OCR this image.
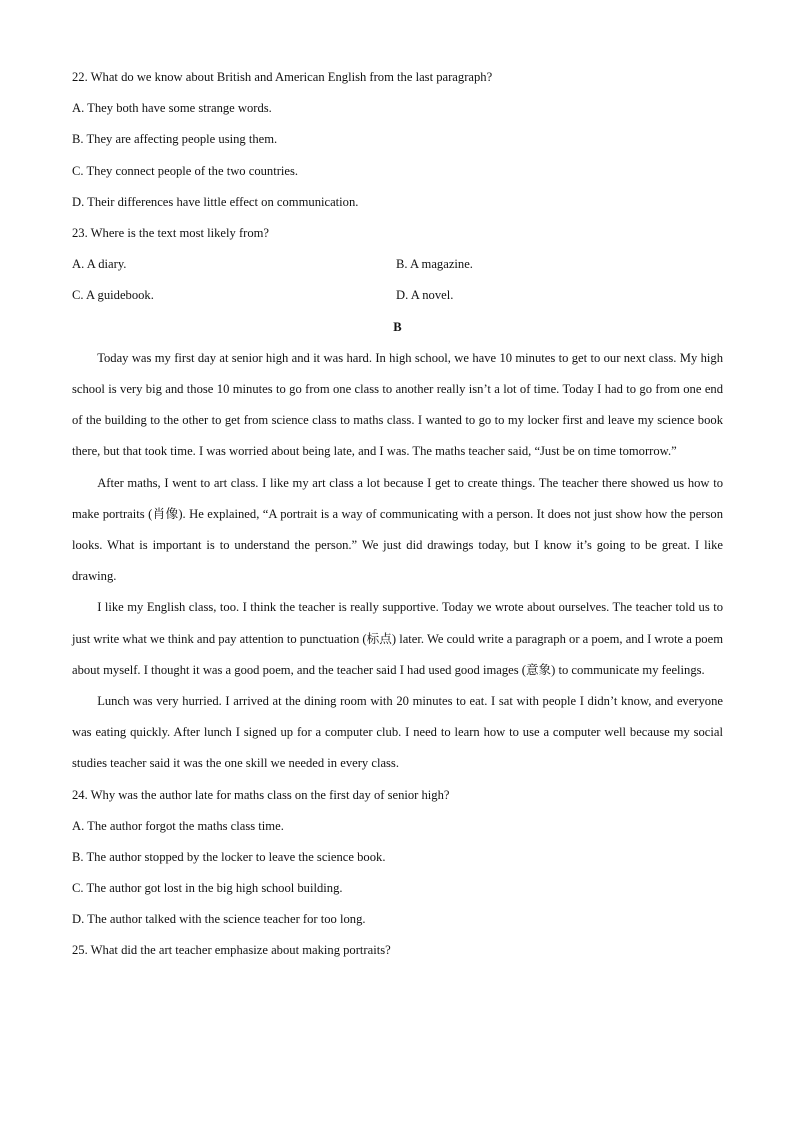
22. What do we know about British and American English from the last paragraph?
A. They both have some strange words.
B. They are affecting people using them.
C. They connect people of the two countries.
D. Their differences have little effect on communication.
23. Where is the text most likely from?
A. A diary.	B. A magazine.
C. A guidebook.	D. A novel.
B
Today was my first day at senior high and it was hard. In high school, we have 10 minutes to get to our next class. My high school is very big and those 10 minutes to go from one class to another really isn’t a lot of time. Today I had to go from one end of the building to the other to get from science class to maths class. I wanted to go to my locker first and leave my science book there, but that took time. I was worried about being late, and I was. The maths teacher said, “Just be on time tomorrow.”
After maths, I went to art class. I like my art class a lot because I get to create things. The teacher there showed us how to make portraits (肖像). He explained, “A portrait is a way of communicating with a person. It does not just show how the person looks. What is important is to understand the person.” We just did drawings today, but I know it’s going to be great. I like drawing.
I like my English class, too. I think the teacher is really supportive. Today we wrote about ourselves. The teacher told us to just write what we think and pay attention to punctuation (标点) later. We could write a paragraph or a poem, and I wrote a poem about myself. I thought it was a good poem, and the teacher said I had used good images (意象) to communicate my feelings.
Lunch was very hurried. I arrived at the dining room with 20 minutes to eat. I sat with people I didn’t know, and everyone was eating quickly. After lunch I signed up for a computer club. I need to learn how to use a computer well because my social studies teacher said it was the one skill we needed in every class.
24. Why was the author late for maths class on the first day of senior high?
A. The author forgot the maths class time.
B. The author stopped by the locker to leave the science book.
C. The author got lost in the big high school building.
D. The author talked with the science teacher for too long.
25. What did the art teacher emphasize about making portraits?
